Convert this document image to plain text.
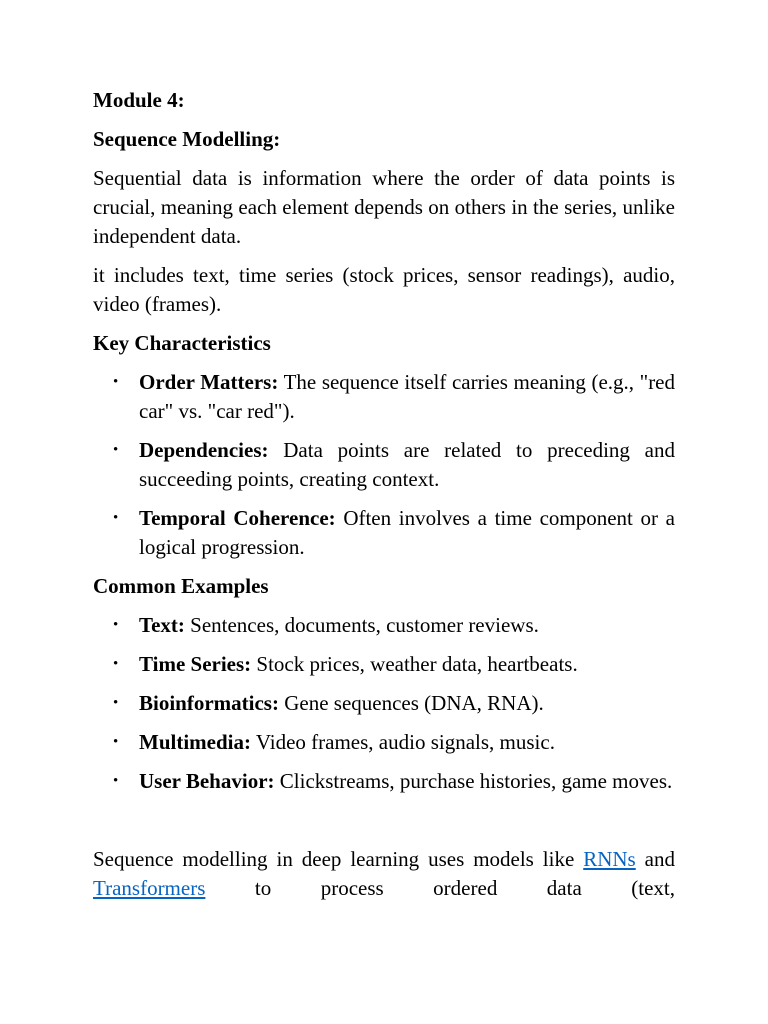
Module 4:
Sequence Modelling:

Sequential data is information where the order of data points is crucial, meaning each element depends on others in the series, unlike independent data.

it includes text, time series (stock prices, sensor readings), audio, video (frames).

Key Characteristics
• Order Matters: The sequence itself carries meaning (e.g., "red car" vs. "car red").
• Dependencies: Data points are related to preceding and succeeding points, creating context.
• Temporal Coherence: Often involves a time component or a logical progression.
Common Examples
• Text: Sentences, documents, customer reviews.
• Time Series: Stock prices, weather data, heartbeats.
• Bioinformatics: Gene sequences (DNA, RNA).
• Multimedia: Video frames, audio signals, music.
• User Behavior: Clickstreams, purchase histories, game moves.

Sequence modelling in deep learning uses models like RNNs and Transformers to process ordered data (text,
